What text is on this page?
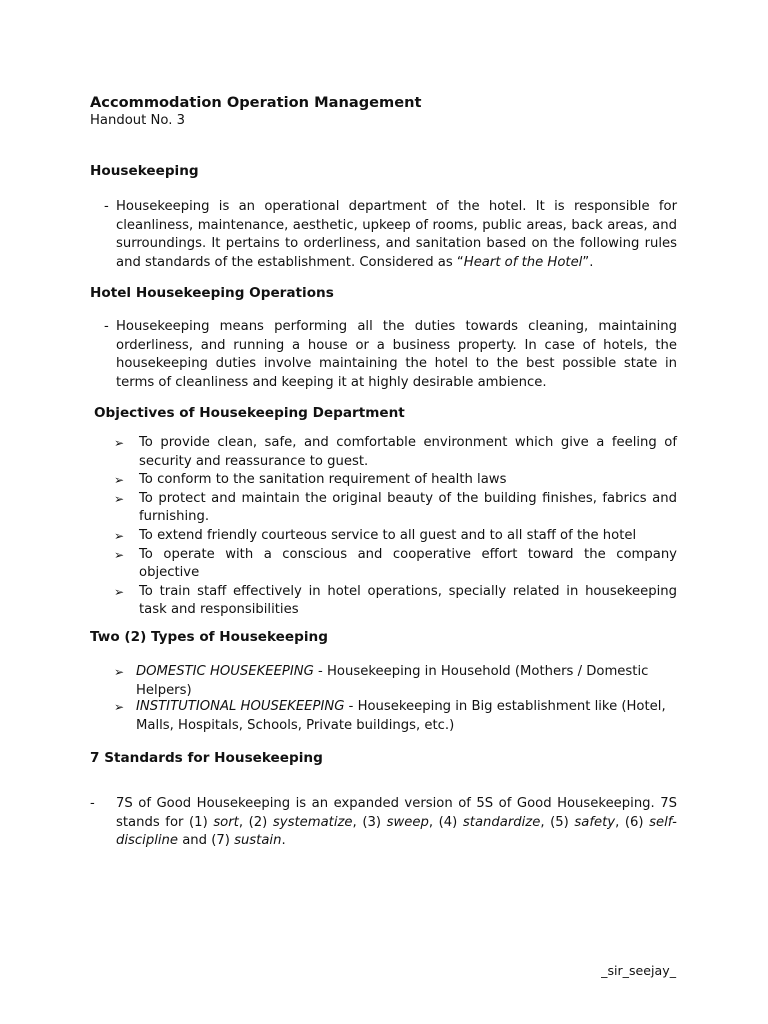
Accommodation Operation Management
Handout No. 3
Housekeeping
- Housekeeping is an operational department of the hotel. It is responsible for cleanliness, maintenance, aesthetic, upkeep of rooms, public areas, back areas, and surroundings. It pertains to orderliness, and sanitation based on the following rules and standards of the establishment. Considered as “Heart of the Hotel”.
Hotel Housekeeping Operations
- Housekeeping means performing all the duties towards cleaning, maintaining orderliness, and running a house or a business property. In case of hotels, the housekeeping duties involve maintaining the hotel to the best possible state in terms of cleanliness and keeping it at highly desirable ambience.
Objectives of Housekeeping Department
➢ To provide clean, safe, and comfortable environment which give a feeling of security and reassurance to guest.
➢ To conform to the sanitation requirement of health laws
➢ To protect and maintain the original beauty of the building finishes, fabrics and furnishing.
➢ To extend friendly courteous service to all guest and to all staff of the hotel
➢ To operate with a conscious and cooperative effort toward the company objective
➢ To train staff effectively in hotel operations, specially related in housekeeping task and responsibilities
Two (2) Types of Housekeeping
➢ DOMESTIC HOUSEKEEPING - Housekeeping in Household (Mothers / Domestic Helpers)
➢ INSTITUTIONAL HOUSEKEEPING - Housekeeping in Big establishment like (Hotel, Malls, Hospitals, Schools, Private buildings, etc.)
7 Standards for Housekeeping
- 7S of Good Housekeeping is an expanded version of 5S of Good Housekeeping. 7S stands for (1) sort, (2) systematize, (3) sweep, (4) standardize, (5) safety, (6) self-discipline and (7) sustain.
_sir_seejay_
